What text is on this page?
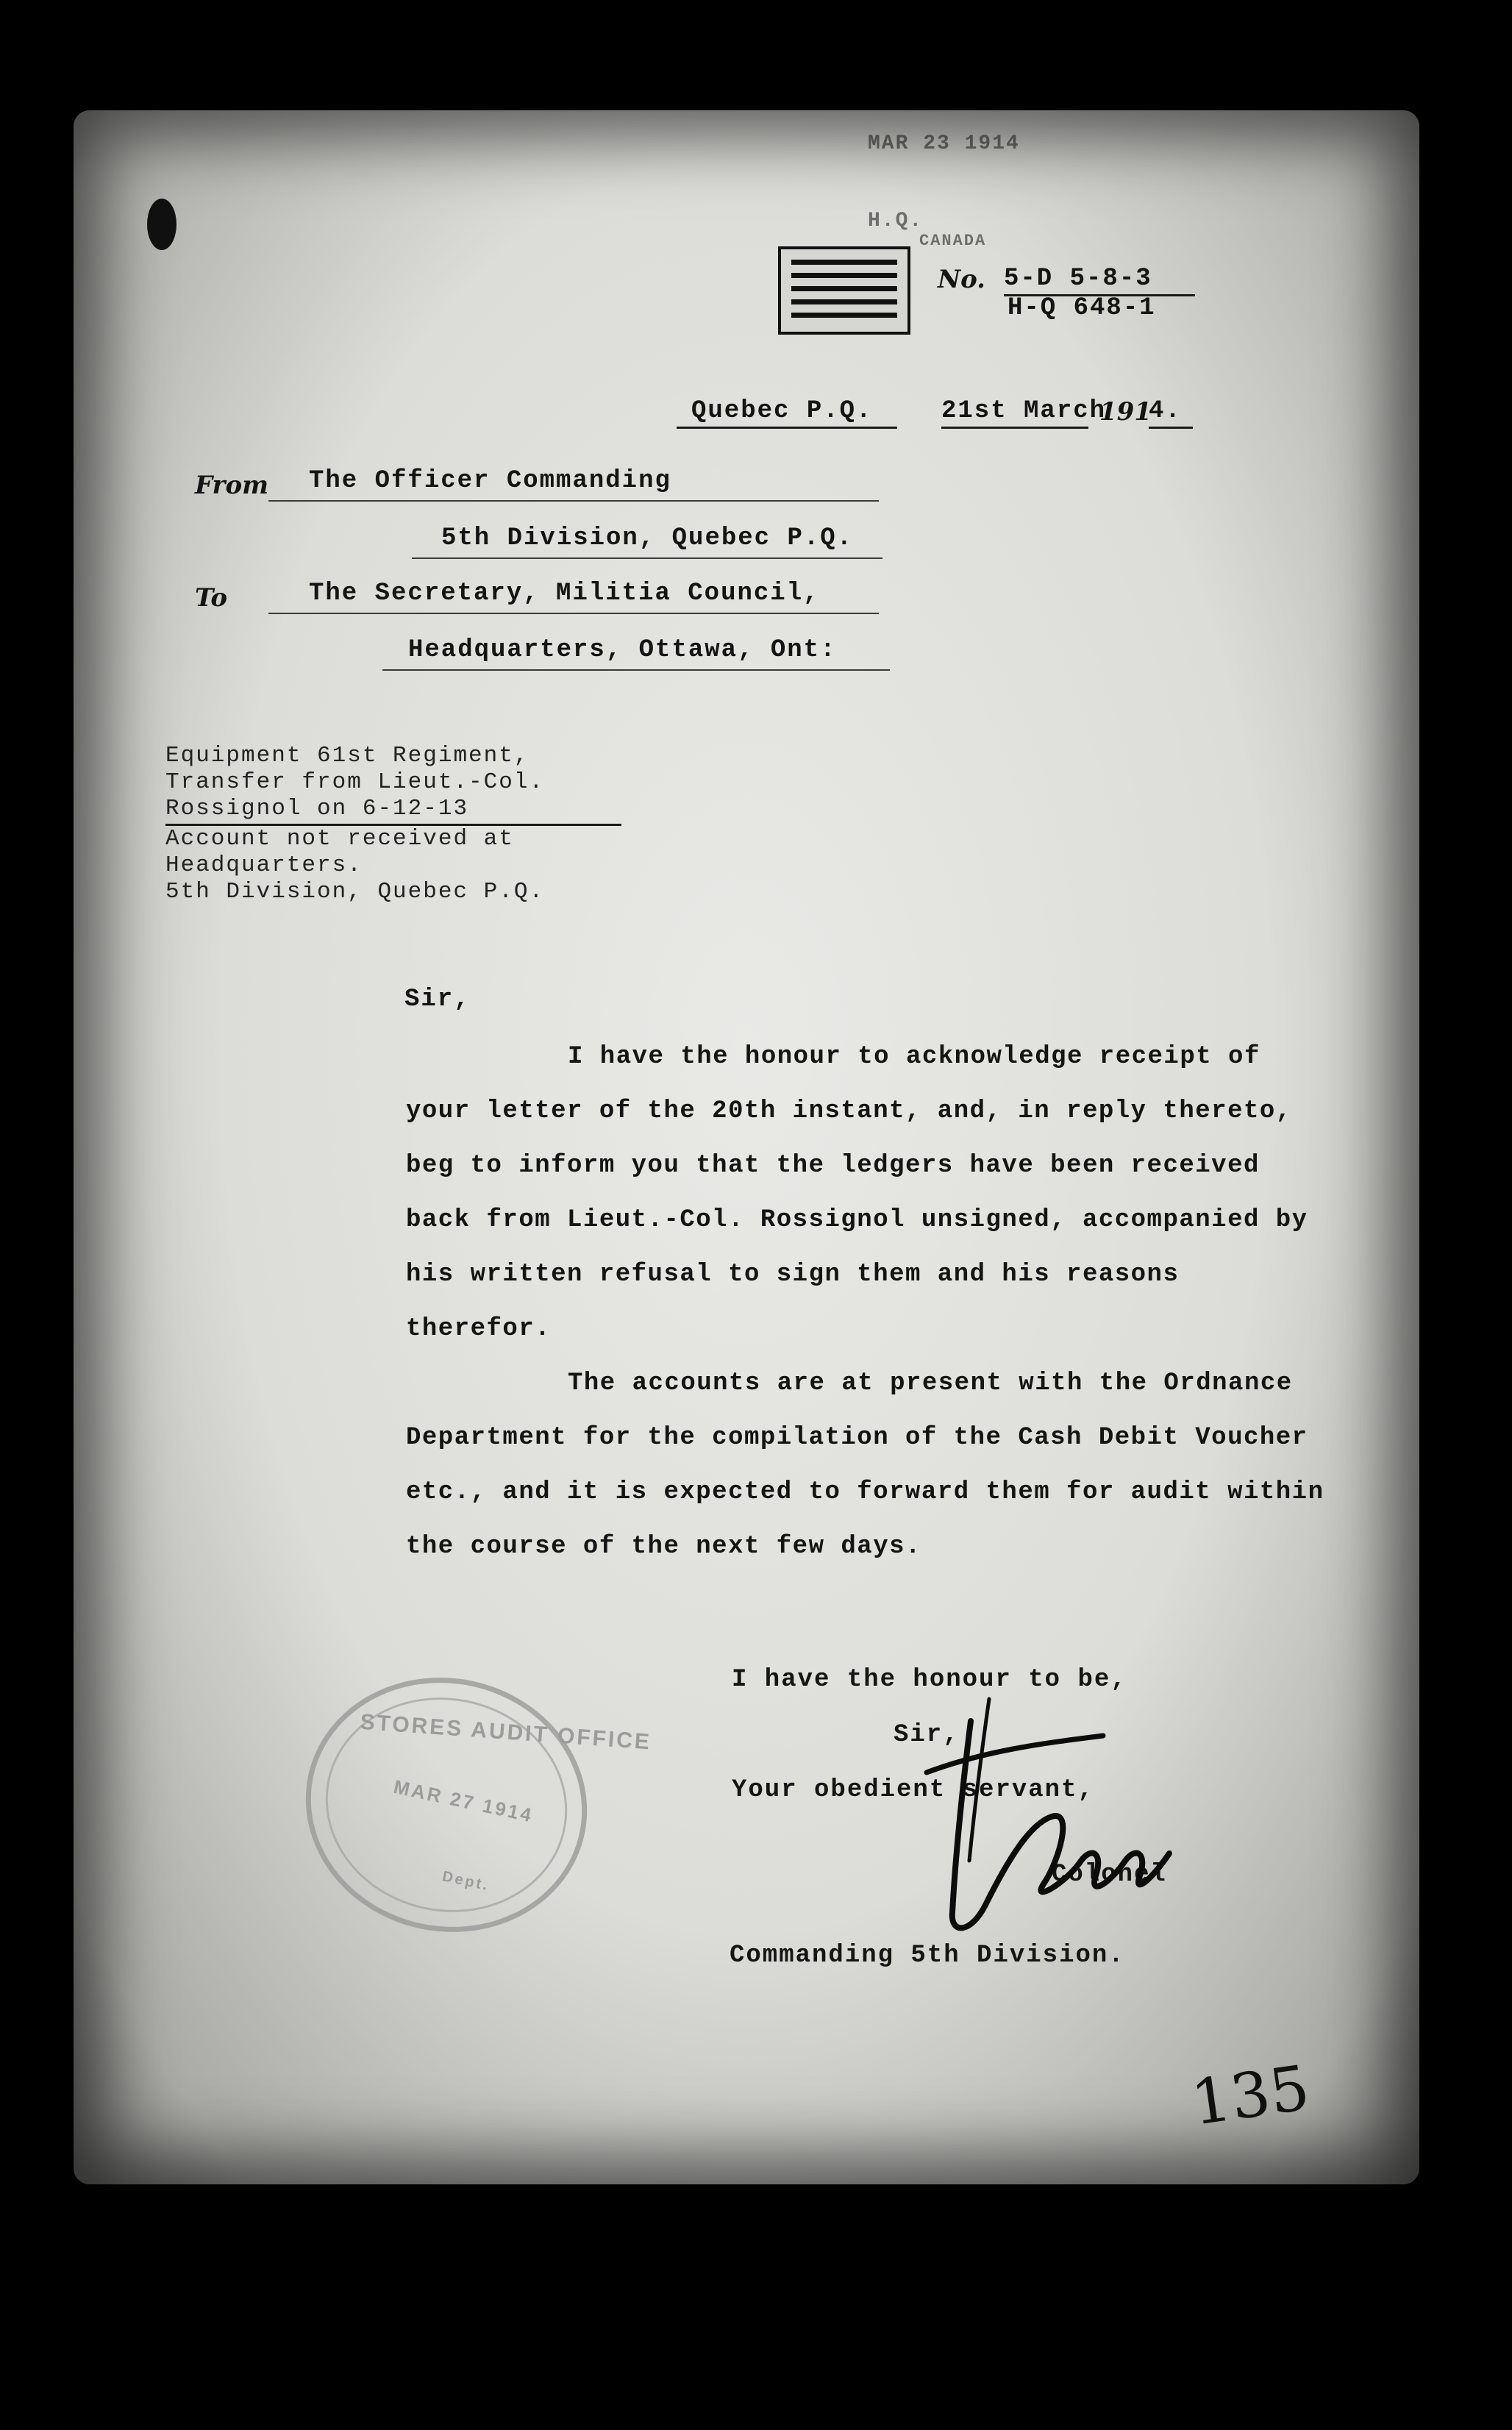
MAR 23 1914
H.Q.
CANADA
No. 5-D 5-8-3
H-Q 648-1
Quebec P.Q.	21st March
191
4.
From The Officer Commanding
5th Division, Quebec P.Q.
To	The Secretary, Militia Council,
Headquarters, Ottawa, Ont:
Equipment 61st Regiment,
Transfer from Lieut.-Col.
Rossignol on 6-12-13
Account not received at
Headquarters.
5th Division, Quebec P.Q.
Sir,
I have the honour to acknowledge receipt of your letter of the 20th instant, and, in reply thereto, beg to inform you that the ledgers have been received back from Lieut.-Col. Rossignol unsigned, accompanied by his written refusal to sign them and his reasons therefor.
The accounts are at present with the Ordnance Department for the compilation of the Cash Debit Voucher etc., and it is expected to forward them for audit within the course of the next few days.
I have the honour to be,
Sir,
Your obedient servant,
Colonel
Commanding 5th Division.
STORES AUDIT OFFICE
MAR 27 1914
Dept.
135
